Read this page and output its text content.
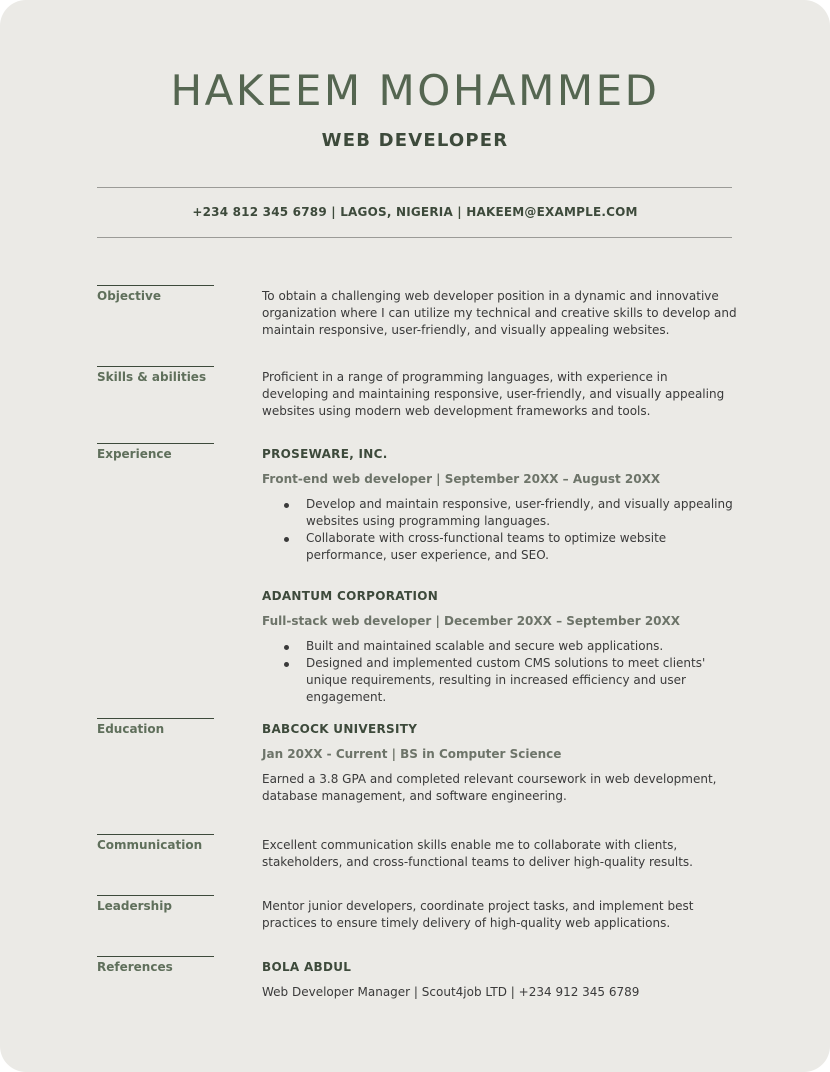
HAKEEM MOHAMMED
WEB DEVELOPER
+234 812 345 6789 | LAGOS, NIGERIA | HAKEEM@EXAMPLE.COM
Objective	To obtain a challenging web developer position in a dynamic and innovative organization where I can utilize my technical and creative skills to develop and maintain responsive, user-friendly, and visually appealing websites.

Skills & abilities	Proficient in a range of programming languages, with experience in developing and maintaining responsive, user-friendly, and visually appealing websites using modern web development frameworks and tools.

Experience	PROSEWARE, INC.

Front-end web developer | September 20XX – August 20XX

Develop and maintain responsive, user-friendly, and visually appealing websites using programming languages.
Collaborate with cross-functional teams to optimize website performance, user experience, and SEO.

ADANTUM CORPORATION

Full-stack web developer | December 20XX – September 20XX

Built and maintained scalable and secure web applications.
Designed and implemented custom CMS solutions to meet clients' unique requirements, resulting in increased efficiency and user engagement.
Education	BABCOCK UNIVERSITY

Jan 20XX - Current | BS in Computer Science

Earned a 3.8 GPA and completed relevant coursework in web development, database management, and software engineering.

Communication	Excellent communication skills enable me to collaborate with clients, stakeholders, and cross-functional teams to deliver high-quality results.

Leadership	Mentor junior developers, coordinate project tasks, and implement best practices to ensure timely delivery of high-quality web applications.

References	BOLA ABDUL

Web Developer Manager | Scout4job LTD | +234 912 345 6789
